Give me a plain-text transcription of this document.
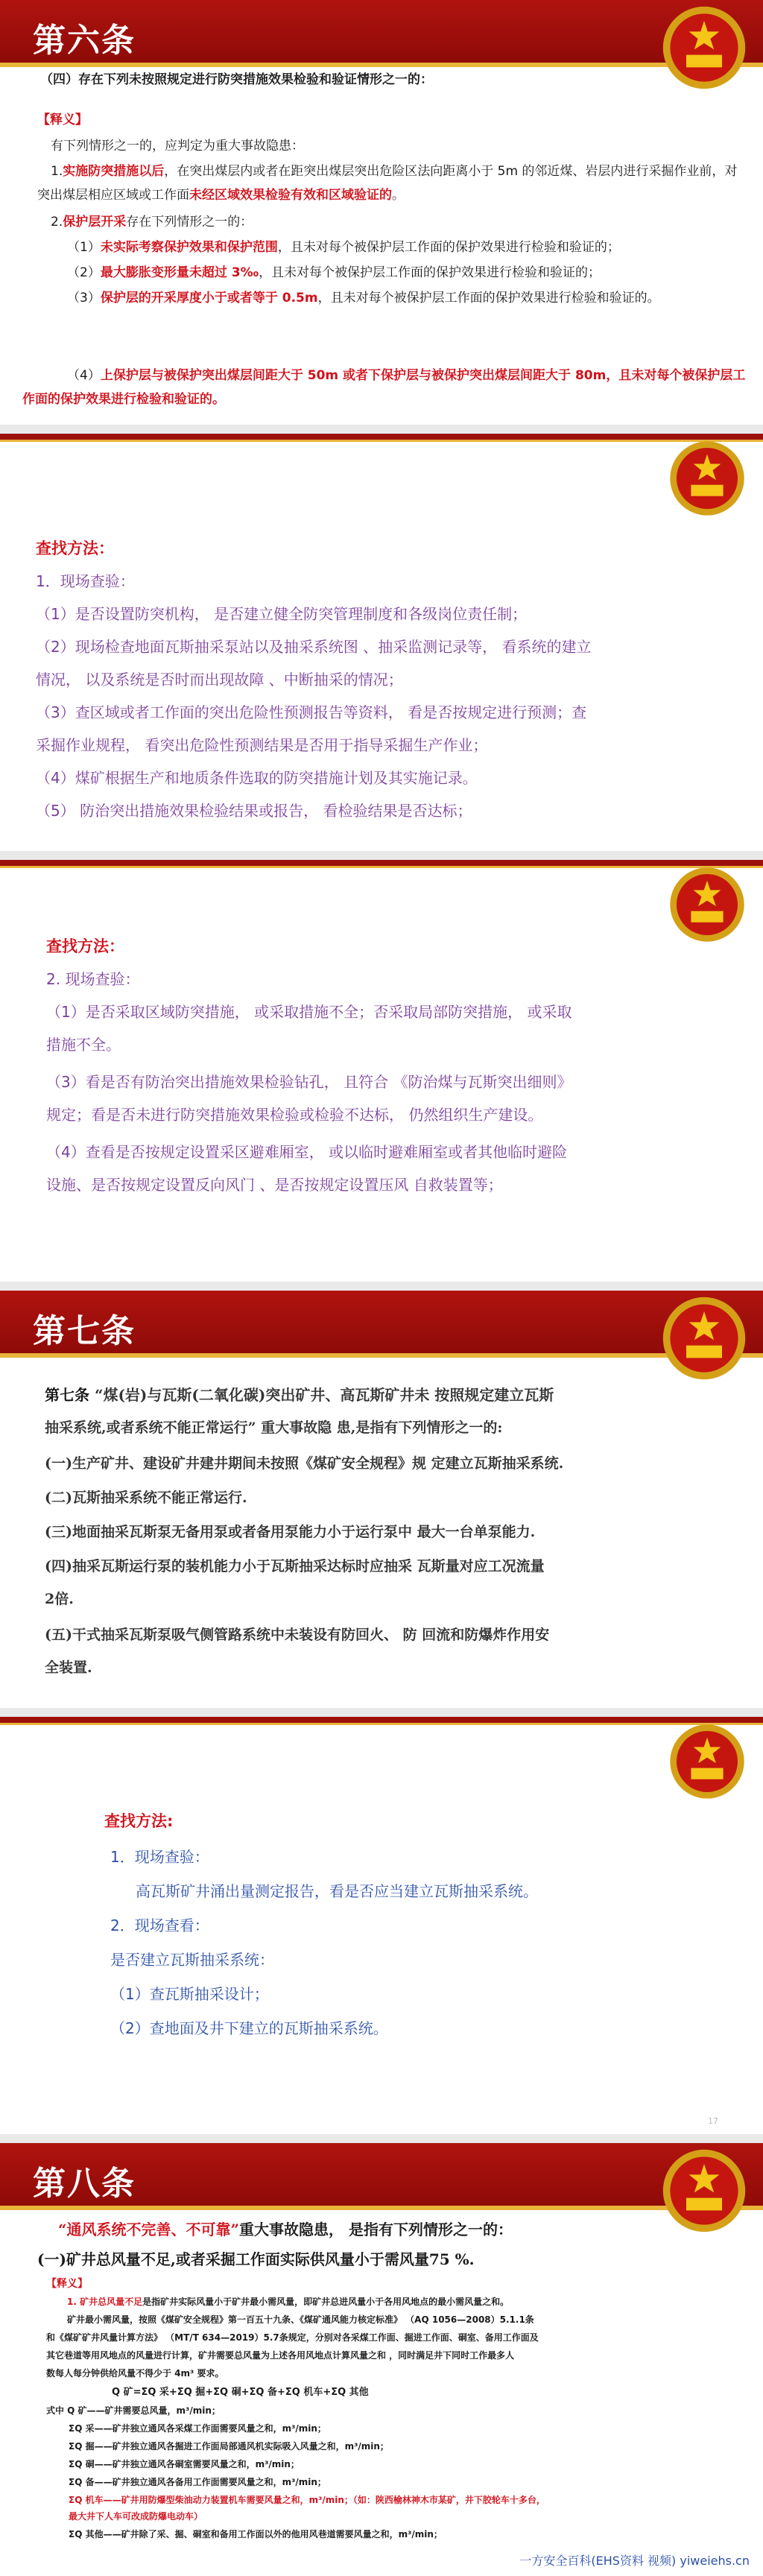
第六条
（四）存在下列未按照规定进行防突措施效果检验和验证情形之一的：
【释义】
有下列情形之一的，应判定为重大事故隐患：
1.实施防突措施以后，在突出煤层内或者在距突出煤层突出危险区法向距离小于 5m 的邻近煤、岩层内进行采掘作业前，对突出煤层相应区域或工作面未经区域效果检验有效和区域验证的。
2.保护层开采存在下列情形之一的：
（1）未实际考察保护效果和保护范围，且未对每个被保护层工作面的保护效果进行检验和验证的；
（2）最大膨胀变形量未超过 3‰，且未对每个被保护层工作面的保护效果进行检验和验证的；
（3）保护层的开采厚度小于或者等于 0.5m，且未对每个被保护层工作面的保护效果进行检验和验证的。
（4）上保护层与被保护突出煤层间距大于 50m 或者下保护层与被保护突出煤层间距大于 80m，且未对每个被保护层工作面的保护效果进行检验和验证的。
查找方法：
1．现场查验：
（1）是否设置防突机构， 是否建立健全防突管理制度和各级岗位责任制；
（2）现场检查地面瓦斯抽采泵站以及抽采系统图 、抽采监测记录等， 看系统的建立
情况， 以及系统是否时而出现故障 、中断抽采的情况；
（3）查区域或者工作面的突出危险性预测报告等资料， 看是否按规定进行预测；查
采掘作业规程， 看突出危险性预测结果是否用于指导采掘生产作业；
（4）煤矿根据生产和地质条件选取的防突措施计划及其实施记录。
（5） 防治突出措施效果检验结果或报告， 看检验结果是否达标；
查找方法：
2. 现场查验：
（1）是否采取区域防突措施， 或采取措施不全；否采取局部防突措施， 或采取
措施不全。
（3）看是否有防治突出措施效果检验钻孔， 且符合 《防治煤与瓦斯突出细则》
规定；看是否未进行防突措施效果检验或检验不达标， 仍然组织生产建设。
（4）查看是否按规定设置采区避难厢室， 或以临时避难厢室或者其他临时避险
设施、是否按规定设置反向风门 、是否按规定设置压风 自救装置等；
第七条
第七条 “煤(岩)与瓦斯(二氧化碳)突出矿井、高瓦斯矿井未 按照规定建立瓦斯
抽采系统,或者系统不能正常运行” 重大事故隐 患,是指有下列情形之一的:
(一)生产矿井、建设矿井建井期间未按照《煤矿安全规程》规 定建立瓦斯抽采系统.
(二)瓦斯抽采系统不能正常运行.
(三)地面抽采瓦斯泵无备用泵或者备用泵能力小于运行泵中 最大一台单泵能力.
(四)抽采瓦斯运行泵的装机能力小于瓦斯抽采达标时应抽采 瓦斯量对应工况流量
2倍.
(五)干式抽采瓦斯泵吸气侧管路系统中未装设有防回火、 防 回流和防爆炸作用安
全装置.
查找方法:
1．现场查验：
高瓦斯矿井涌出量测定报告，看是否应当建立瓦斯抽采系统。
2．现场查看：
是否建立瓦斯抽采系统：
（1）查瓦斯抽采设计；
（2）查地面及井下建立的瓦斯抽采系统。
17
第八条
“通风系统不完善、不可靠”重大事故隐患， 是指有下列情形之一的：
(一)矿井总风量不足,或者采掘工作面实际供风量小于需风量75 %.
【释义】
1. 矿井总风量不足是指矿井实际风量小于矿井最小需风量，即矿井总进风量小于各用风地点的最小需风量之和。
矿井最小需风量，按照《煤矿安全规程》第一百五十九条、《煤矿通风能力核定标准》 （AQ 1056—2008）5.1.1条
和《煤矿矿井风量计算方法》 （MT/T 634—2019）5.7条规定，分别对各采煤工作面、掘进工作面、硐室、备用工作面及
其它巷道等用风地点的风量进行计算，矿井需要总风量为上述各用风地点计算风量之和 ，同时满足井下同时工作最多人
数每人每分钟供给风量不得少于 4m³ 要求。
Q 矿=ΣQ 采+ΣQ 掘+ΣQ 硐+ΣQ 备+ΣQ 机车+ΣQ 其他
式中 Q 矿——矿井需要总风量，m³/min；
ΣQ 采——矿井独立通风各采煤工作面需要风量之和，m³/min；
ΣQ 掘——矿井独立通风各掘进工作面局部通风机实际吸入风量之和，m³/min；
ΣQ 硐——矿井独立通风各硐室需要风量之和，m³/min；
ΣQ 备——矿井独立通风各备用工作面需要风量之和，m³/min；
ΣQ 机车——矿井用防爆型柴油动力装置机车需要风量之和，m³/min；（如：陕西榆林神木市某矿，井下胶轮车十多台，
最大井下人车可改成防爆电动车）
ΣQ 其他——矿井除了采、掘、硐室和备用工作面以外的他用风巷道需要风量之和，m³/min；
一方安全百科(EHS资料 视频) yiweiehs.cn
